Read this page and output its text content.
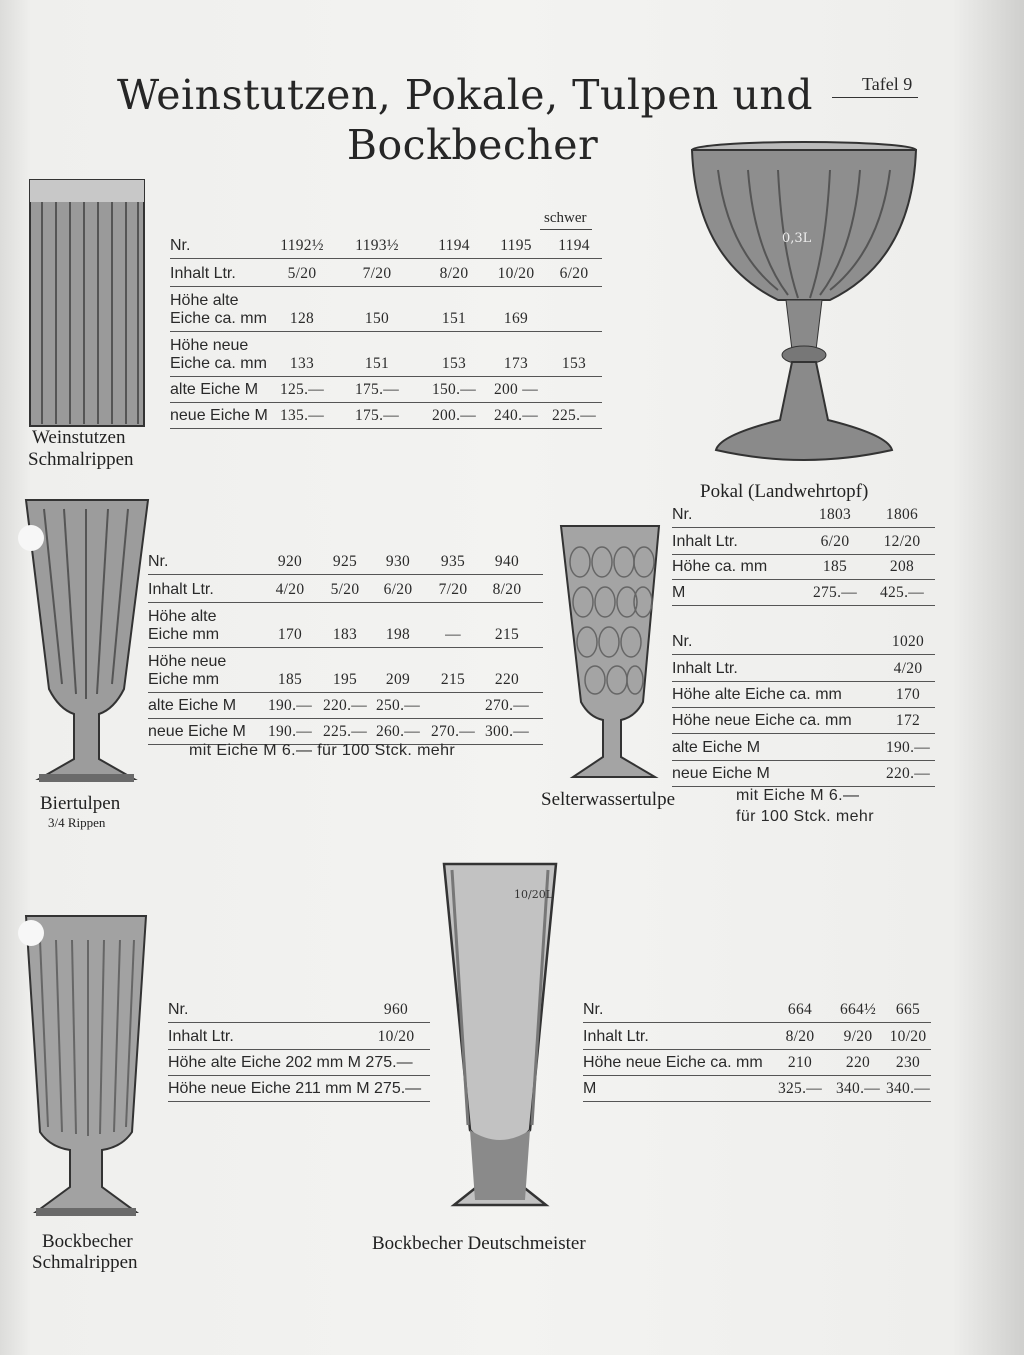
Weinstutzen, Pokale, Tulpen und
Bockbecher
Tafel 9
0,3L
10/20L
Weinstutzen
Schmalrippen
Biertulpen
3/4 Rippen
Pokal (Landwehrtopf)
Selterwassertulpe
Bockbecher
Schmalrippen
Bockbecher Deutschmeister
schwer
Nr.	1192½ 1193½	1194 1195 1194
Inhalt Ltr.	5/20	7/20	8/20 10/20 6/20
Höhe alte
Eiche ca. mm 128	150	151 169
Höhe neue
Eiche ca. mm 133	151	153 173 153
alte Eiche M 125.— 175.— 150.— 200 —
neue Eiche M 135.— 175.— 200.— 240.— 225.—
Nr.	920 925 930 935 940
Inhalt Ltr.	4/20 5/20 6/20 7/20 8/20
Höhe alte
Eiche mm	170 183 198 — 215
Höhe neue
Eiche mm	185 195 209 215 220
alte Eiche M 190.— 220.— 250.—	270.—
neue Eiche M 190.— 225.— 260.— 270.— 300.—
mit Eiche M 6.— für 100 Stck. mehr
Nr.	1803 1806
Inhalt Ltr.	6/20 12/20
Höhe ca. mm	185	208
M	275.— 425.—
Nr.	1020
Inhalt Ltr.	4/20
Höhe alte Eiche ca. mm	170
Höhe neue Eiche ca. mm	172
alte Eiche M	190.—
neue Eiche M	220.—
mit Eiche M 6.—
für 100 Stck. mehr
Nr.	960
Inhalt Ltr.	10/20
Höhe alte Eiche 202 mm M 275.—
Höhe neue Eiche 211 mm M 275.—
Nr.	664 664½ 665
Inhalt Ltr.	8/20 9/20 10/20
Höhe neue Eiche ca. mm 210 220 230
M	325.— 340.— 340.—
